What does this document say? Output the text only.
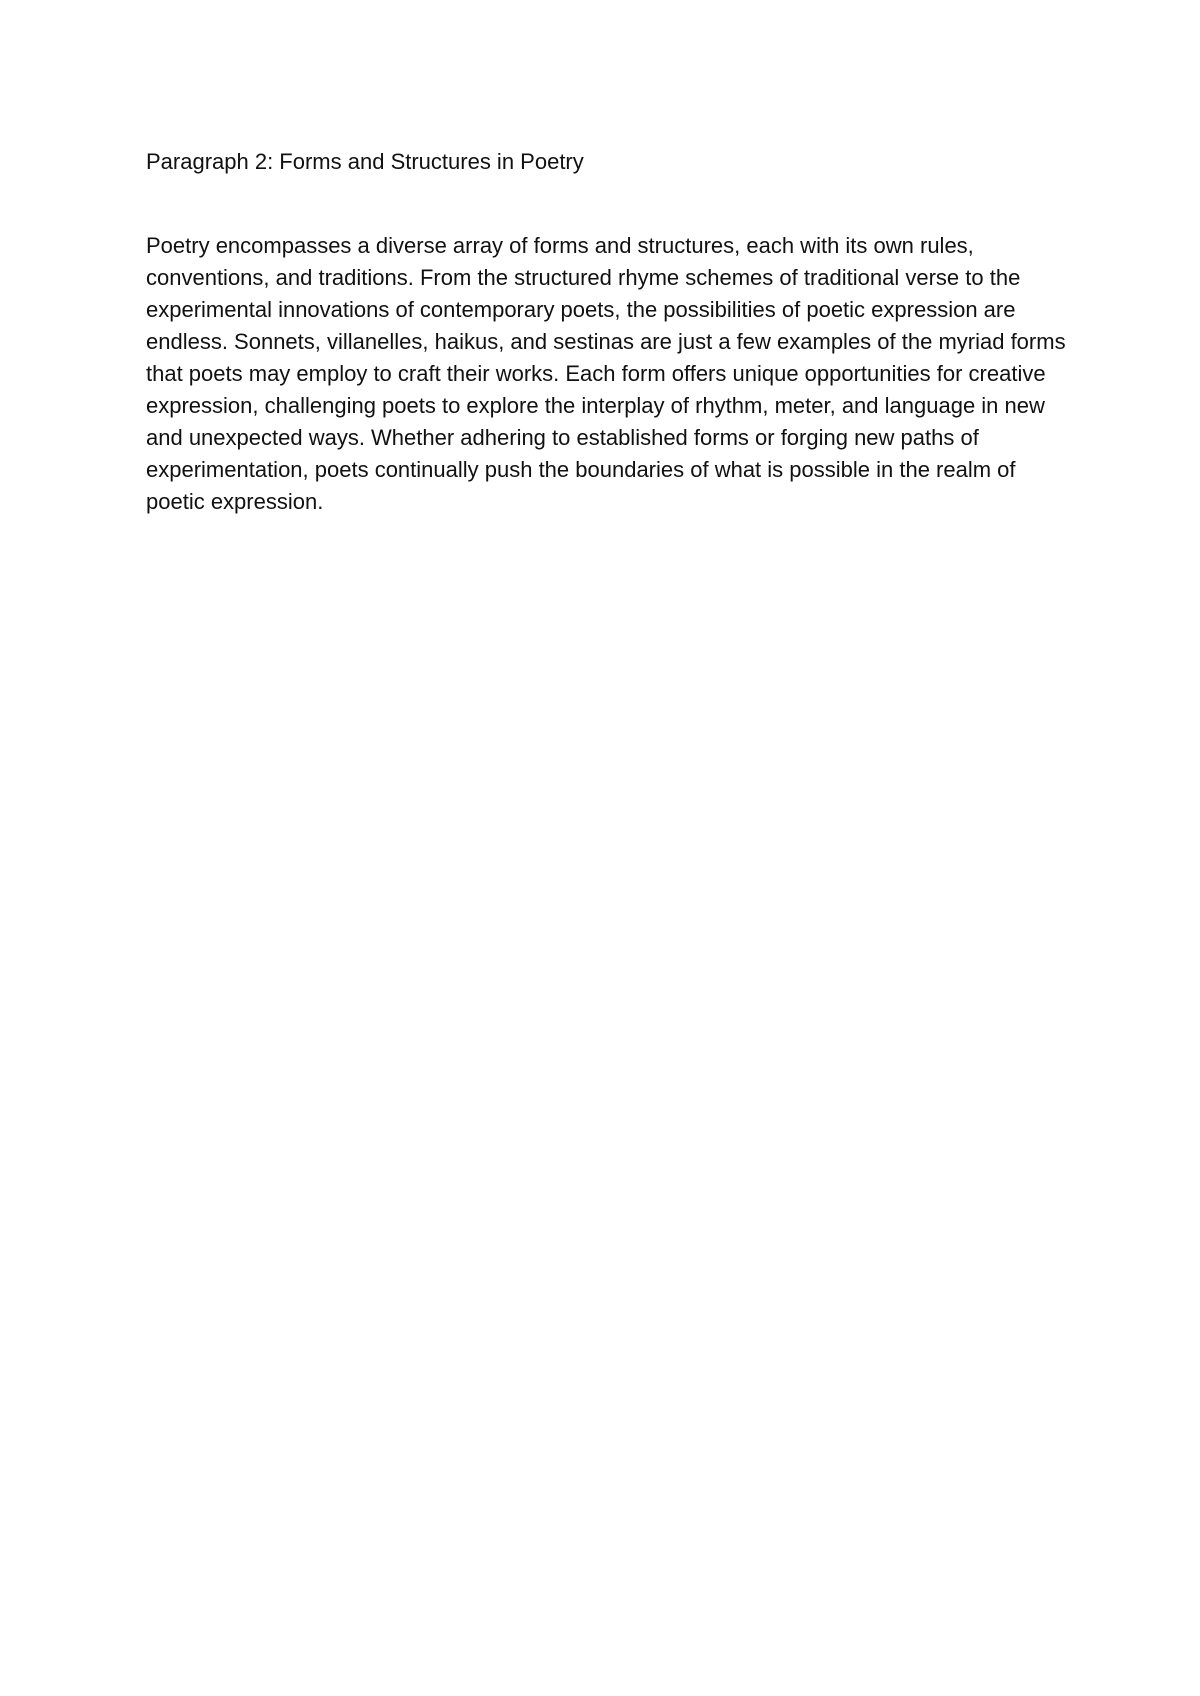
Paragraph 2: Forms and Structures in Poetry

Poetry encompasses a diverse array of forms and structures, each with its own rules, conventions, and traditions. From the structured rhyme schemes of traditional verse to the experimental innovations of contemporary poets, the possibilities of poetic expression are endless. Sonnets, villanelles, haikus, and sestinas are just a few examples of the myriad forms that poets may employ to craft their works. Each form offers unique opportunities for creative expression, challenging poets to explore the interplay of rhythm, meter, and language in new and unexpected ways. Whether adhering to established forms or forging new paths of experimentation, poets continually push the boundaries of what is possible in the realm of poetic expression.
